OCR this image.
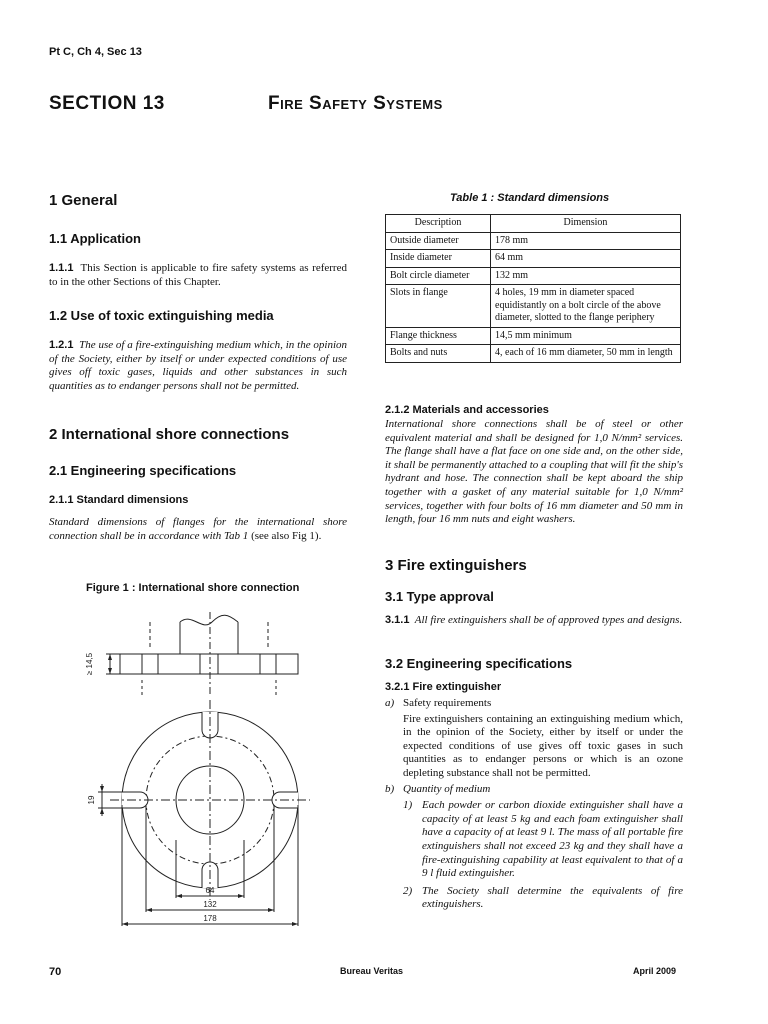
Pt C, Ch 4, Sec 13
SECTION 13	Fire Safety Systems
1 General
1.1 Application

1.1.1 This Section is applicable to fire safety systems as referred to in the other Sections of this Chapter.

1.2 Use of toxic extinguishing media

1.2.1 The use of a fire-extinguishing medium which, in the opinion of the Society, either by itself or under expected conditions of use gives off toxic gases, liquids and other substances in such quantities as to endanger persons shall not be permitted.

2 International shore connections
2.1 Engineering specifications
2.1.1 Standard dimensions

Standard dimensions of flanges for the international shore connection shall be in accordance with Tab 1 (see also Fig 1).

Figure 1 : International shore connection
≥ 14,5
19
64
132
178
Table 1 : Standard dimensions
Description	Dimension
Outside diameter	178 mm
Inside diameter	64 mm
Bolt circle diameter	132 mm
Slots in flange	4 holes, 19 mm in diameter spaced equidistantly on a bolt circle of the above diameter, slotted to the flange periphery
Flange thickness	14,5 mm minimum
Bolts and nuts	4, each of 16 mm diameter, 50 mm in length
2.1.2 Materials and accessories

International shore connections shall be of steel or other equivalent material and shall be designed for 1,0 N/mm² services. The flange shall have a flat face on one side and, on the other side, it shall be permanently attached to a coupling that will fit the ship's hydrant and hose. The connection shall be kept aboard the ship together with a gasket of any material suitable for 1,0 N/mm² services, together with four bolts of 16 mm diameter and 50 mm in length, four 16 mm nuts and eight washers.

3 Fire extinguishers
3.1 Type approval

3.1.1 All fire extinguishers shall be of approved types and designs.

3.2 Engineering specifications
3.2.1 Fire extinguisher
a) Safety requirements

Fire extinguishers containing an extinguishing medium which, in the opinion of the Society, either by itself or under the expected conditions of use gives off toxic gases in such quantities as to endanger persons or which is an ozone depleting substance shall not be permitted.

b) Quantity of medium
1) Each powder or carbon dioxide extinguisher shall have a capacity of at least 5 kg and each foam extinguisher shall have a capacity of at least 9 l. The mass of all portable fire extinguishers shall not exceed 23 kg and they shall have a fire-extinguishing capability at least equivalent to that of a 9 l fluid extinguisher.
2) The Society shall determine the equivalents of fire extinguishers.
70	Bureau Veritas	April 2009
